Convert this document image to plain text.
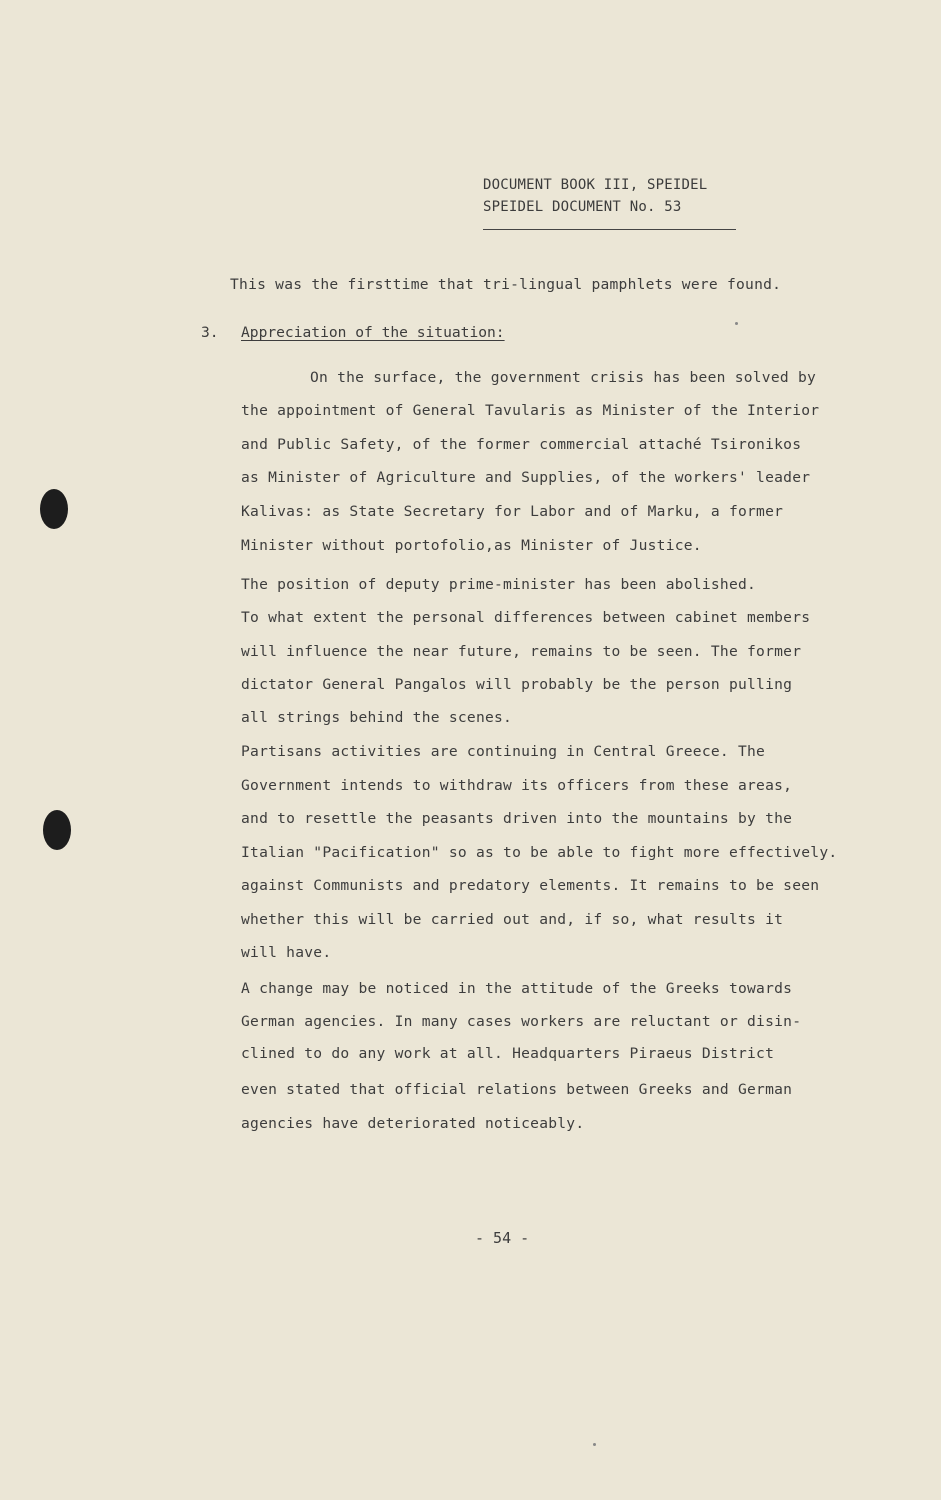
DOCUMENT BOOK III, SPEIDEL
SPEIDEL DOCUMENT No. 53
This was the firsttime that tri-lingual pamphlets were found.
3. Appreciation of the situation:
On the surface, the government crisis has been solved by
the appointment of General Tavularis as Minister of the Interior
and Public Safety, of the former commercial attaché Tsironikos
as Minister of Agriculture and Supplies, of the workers' leader
Kalivas: as State Secretary for Labor and of Marku, a former
Minister without portofolio,as Minister of Justice.
The position of deputy prime-minister has been abolished.
To what extent the personal differences between cabinet members
will influence the near future, remains to be seen. The former
dictator General Pangalos will probably be the person pulling
all strings behind the scenes.
Partisans activities are continuing in Central Greece. The
Government intends to withdraw its officers from these areas,
and to resettle the peasants driven into the mountains by the
Italian "Pacification" so as to be able to fight more effectively.
against Communists and predatory elements. It remains to be seen
whether this will be carried out and, if so, what results it
will have.
A change may be noticed in the attitude of the Greeks towards
German agencies. In many cases workers are reluctant or disin-
clined to do any work at all. Headquarters Piraeus District
even stated that official relations between Greeks and German
agencies have deteriorated noticeably.
- 54 -
